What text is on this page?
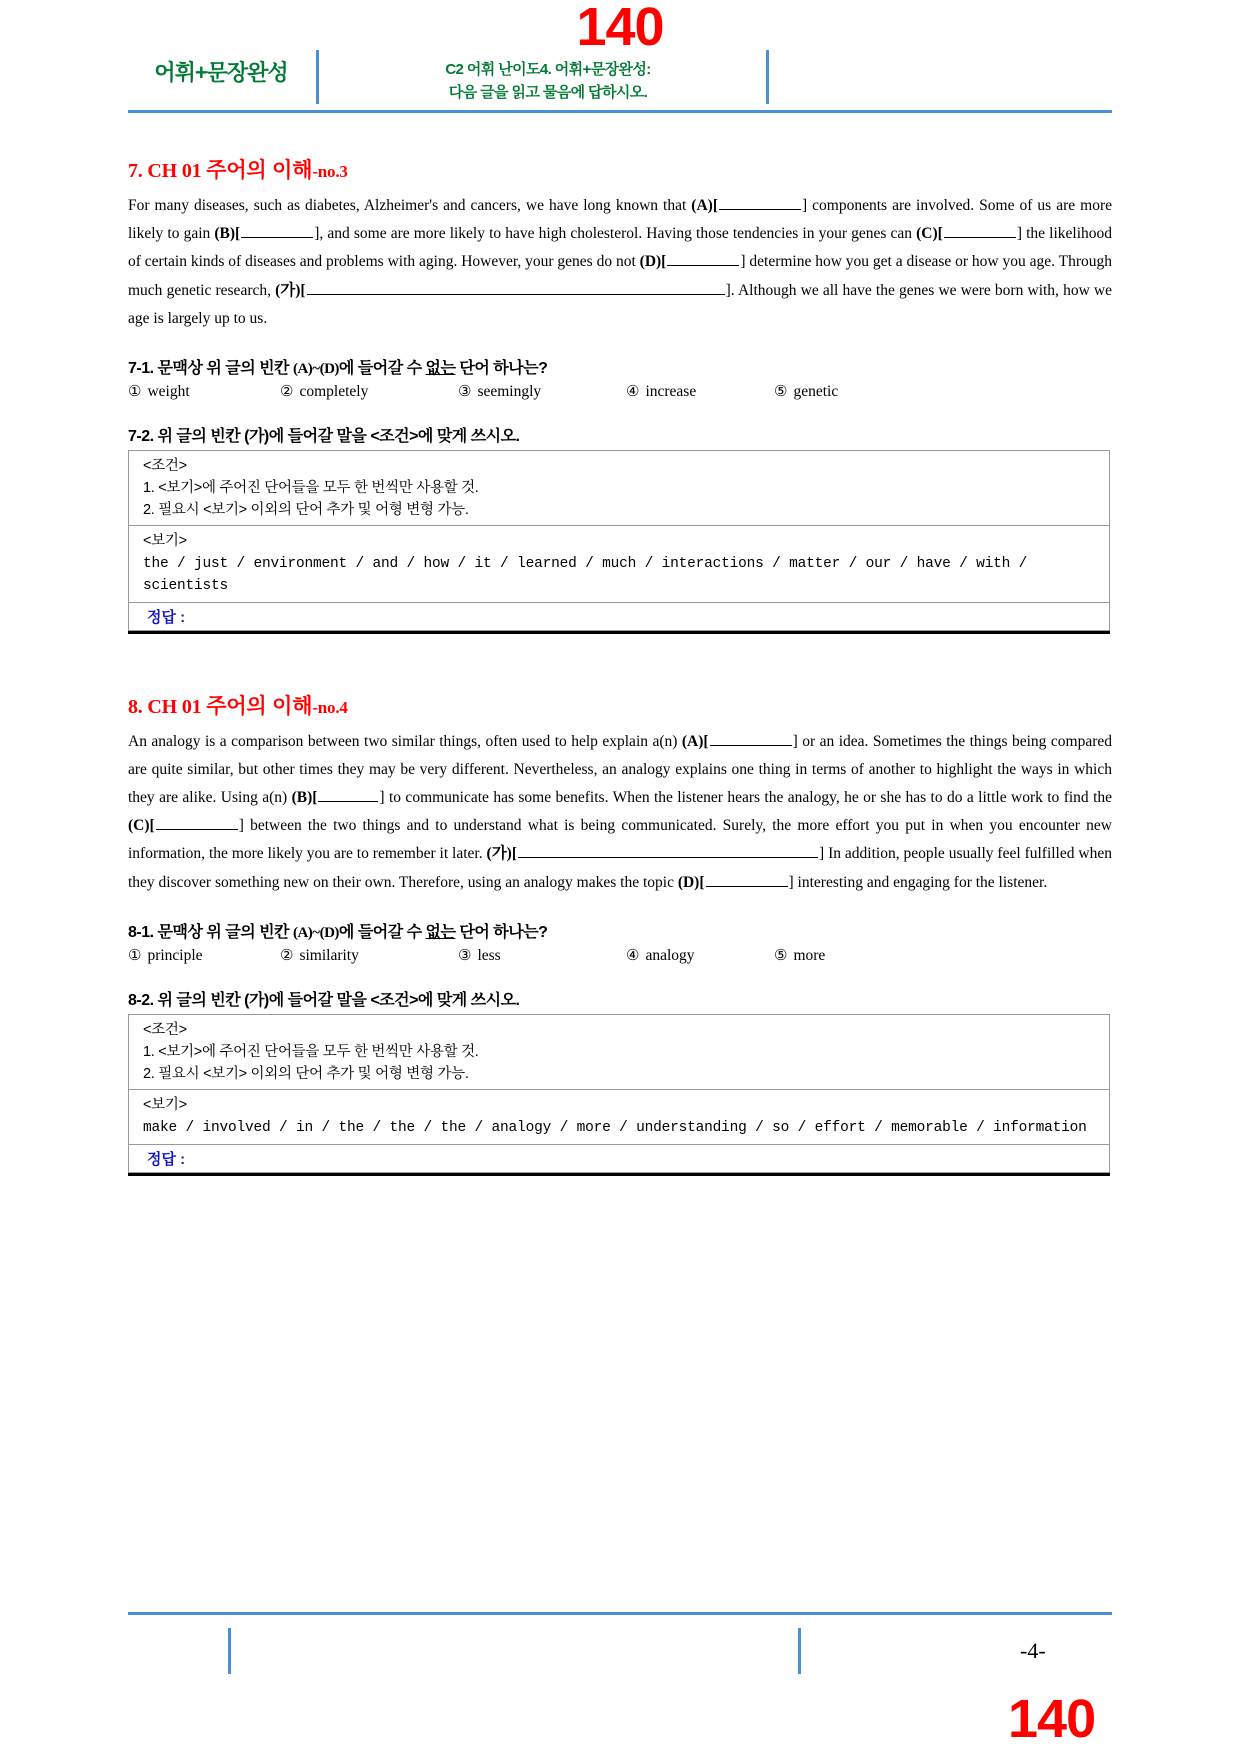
140
어휘+문장완성	C2 어휘 난이도4. 어휘+문장완성:
다음 글을 읽고 물음에 답하시오.
7. CH 01 주어의 이해-no.3

For many diseases, such as diabetes, Alzheimer's and cancers, we have long known that (A)[	] components are involved. Some of us are more likely to gain (B)[	], and some are more likely to have high cholesterol. Having those tendencies in your genes can (C)[	] the likelihood of certain kinds of diseases and problems with aging. However, your genes do not (D)[	] determine how you get a disease or how you age. Through much genetic research, (가)[	]. Although we all have the genes we were born with, how we age is largely up to us.

7-1. 문맥상 위 글의 빈칸 (A)~(D)에 들어갈 수 없는 단어 하나는?
① weight	② completely	③ seemingly	④ increase	⑤ genetic
7-2. 위 글의 빈칸 (가)에 들어갈 말을 <조건>에 맞게 쓰시오.
<조건>
1. <보기>에 주어진 단어들을 모두 한 번씩만 사용할 것.
2. 필요시 <보기> 이외의 단어 추가 및 어형 변형 가능.
<보기>
the / just / environment / and / how / it / learned / much / interactions / matter / our / have / with / scientists
정답 :
8. CH 01 주어의 이해-no.4

An analogy is a comparison between two similar things, often used to help explain a(n) (A)[	] or an idea. Sometimes the things being compared are quite similar, but other times they may be very different. Nevertheless, an analogy explains one thing in terms of another to highlight the ways in which they are alike. Using a(n) (B)[	] to communicate has some benefits. When the listener hears the analogy, he or she has to do a little work to find the (C)[	] between the two things and to understand what is being communicated. Surely, the more effort you put in when you encounter new information, the more likely you are to remember it later. (가)[	] In addition, people usually feel fulfilled when they discover something new on their own. Therefore, using an analogy makes the topic (D)[	] interesting and engaging for the listener.

8-1. 문맥상 위 글의 빈칸 (A)~(D)에 들어갈 수 없는 단어 하나는?
① principle	② similarity	③ less	④ analogy	⑤ more
8-2. 위 글의 빈칸 (가)에 들어갈 말을 <조건>에 맞게 쓰시오.
<조건>
1. <보기>에 주어진 단어들을 모두 한 번씩만 사용할 것.
2. 필요시 <보기> 이외의 단어 추가 및 어형 변형 가능.
<보기>
make / involved / in / the / the / the / analogy / more / understanding / so / effort / memorable / information
정답 :
-4-
140
